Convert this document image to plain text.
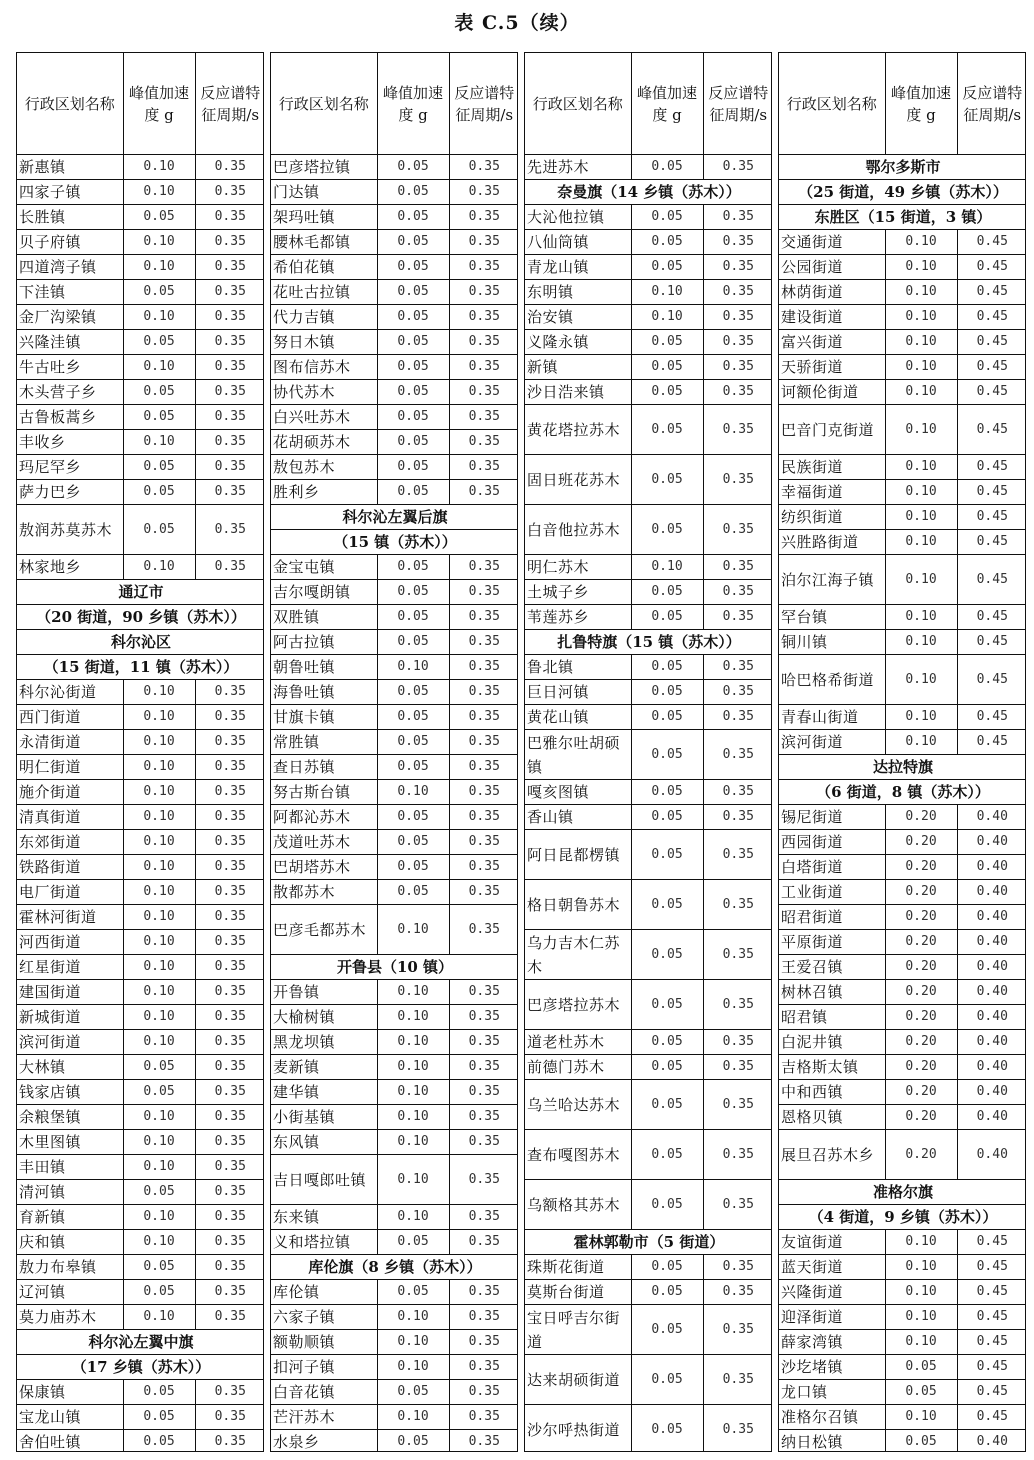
表 C.5（续）
行政区划名称	峰值加速度 g	反应谱特征周期/s
新惠镇	0.10	0.35
四家子镇	0.10	0.35
长胜镇	0.05	0.35
贝子府镇	0.10	0.35
四道湾子镇	0.10	0.35
下洼镇	0.05	0.35
金厂沟梁镇	0.10	0.35
兴隆洼镇	0.05	0.35
牛古吐乡	0.10	0.35
木头营子乡	0.05	0.35
古鲁板蒿乡	0.05	0.35
丰收乡	0.10	0.35
玛尼罕乡	0.05	0.35
萨力巴乡	0.05	0.35
敖润苏莫苏木	0.05	0.35
林家地乡	0.10	0.35
通辽市		
（20 街道，90 乡镇（苏木））		
科尔沁区		
（15 街道，11 镇（苏木））		
科尔沁街道	0.10	0.35
西门街道	0.10	0.35
永清街道	0.10	0.35
明仁街道	0.10	0.35
施介街道	0.10	0.35
清真街道	0.10	0.35
东郊街道	0.10	0.35
铁路街道	0.10	0.35
电厂街道	0.10	0.35
霍林河街道	0.10	0.35
河西街道	0.10	0.35
红星街道	0.10	0.35
建国街道	0.10	0.35
新城街道	0.10	0.35
滨河街道	0.10	0.35
大林镇	0.05	0.35
钱家店镇	0.05	0.35
余粮堡镇	0.10	0.35
木里图镇	0.10	0.35
丰田镇	0.10	0.35
清河镇	0.05	0.35
育新镇	0.10	0.35
庆和镇	0.10	0.35
敖力布皋镇	0.05	0.35
辽河镇	0.05	0.35
莫力庙苏木	0.10	0.35
科尔沁左翼中旗		
（17 乡镇（苏木））		
保康镇	0.05	0.35
宝龙山镇	0.05	0.35
舍伯吐镇	0.05	0.35
行政区划名称	峰值加速度 g	反应谱特征周期/s
巴彦塔拉镇	0.05	0.35
门达镇	0.05	0.35
架玛吐镇	0.05	0.35
腰林毛都镇	0.05	0.35
希伯花镇	0.05	0.35
花吐古拉镇	0.05	0.35
代力吉镇	0.05	0.35
努日木镇	0.05	0.35
图布信苏木	0.05	0.35
协代苏木	0.05	0.35
白兴吐苏木	0.05	0.35
花胡硕苏木	0.05	0.35
敖包苏木	0.05	0.35
胜利乡	0.05	0.35
科尔沁左翼后旗		
（15 镇（苏木））		
金宝屯镇	0.05	0.35
吉尔嘎朗镇	0.05	0.35
双胜镇	0.05	0.35
阿古拉镇	0.05	0.35
朝鲁吐镇	0.10	0.35
海鲁吐镇	0.05	0.35
甘旗卡镇	0.05	0.35
常胜镇	0.05	0.35
查日苏镇	0.05	0.35
努古斯台镇	0.10	0.35
阿都沁苏木	0.05	0.35
茂道吐苏木	0.05	0.35
巴胡塔苏木	0.05	0.35
散都苏木	0.05	0.35
巴彦毛都苏木	0.10	0.35
开鲁县（10 镇）		
开鲁镇	0.10	0.35
大榆树镇	0.10	0.35
黑龙坝镇	0.10	0.35
麦新镇	0.10	0.35
建华镇	0.10	0.35
小街基镇	0.10	0.35
东风镇	0.10	0.35
吉日嘎郎吐镇	0.10	0.35
东来镇	0.10	0.35
义和塔拉镇	0.05	0.35
库伦旗（8 乡镇（苏木））		
库伦镇	0.05	0.35
六家子镇	0.10	0.35
额勒顺镇	0.10	0.35
扣河子镇	0.10	0.35
白音花镇	0.05	0.35
芒汗苏木	0.10	0.35
水泉乡	0.05	0.35
行政区划名称	峰值加速度 g	反应谱特征周期/s
先进苏木	0.05	0.35
奈曼旗（14 乡镇（苏木））		
大沁他拉镇	0.05	0.35
八仙筒镇	0.05	0.35
青龙山镇	0.05	0.35
东明镇	0.10	0.35
治安镇	0.10	0.35
义隆永镇	0.05	0.35
新镇	0.05	0.35
沙日浩来镇	0.05	0.35
黄花塔拉苏木	0.05	0.35
固日班花苏木	0.05	0.35
白音他拉苏木	0.05	0.35
明仁苏木	0.10	0.35
土城子乡	0.05	0.35
苇莲苏乡	0.05	0.35
扎鲁特旗（15 镇（苏木））		
鲁北镇	0.05	0.35
巨日河镇	0.05	0.35
黄花山镇	0.05	0.35
巴雅尔吐胡硕镇	0.05	0.35
嘎亥图镇	0.05	0.35
香山镇	0.05	0.35
阿日昆都楞镇	0.05	0.35
格日朝鲁苏木	0.05	0.35
乌力吉木仁苏木	0.05	0.35
巴彦塔拉苏木	0.05	0.35
道老杜苏木	0.05	0.35
前德门苏木	0.05	0.35
乌兰哈达苏木	0.05	0.35
查布嘎图苏木	0.05	0.35
乌额格其苏木	0.05	0.35
霍林郭勒市（5 街道）		
珠斯花街道	0.05	0.35
莫斯台街道	0.05	0.35
宝日呼吉尔街道	0.05	0.35
达来胡硕街道	0.05	0.35
沙尔呼热街道	0.05	0.35
行政区划名称	峰值加速度 g	反应谱特征周期/s
鄂尔多斯市		
（25 街道，49 乡镇（苏木））		
东胜区（15 街道，3 镇）		
交通街道	0.10	0.45
公园街道	0.10	0.45
林荫街道	0.10	0.45
建设街道	0.10	0.45
富兴街道	0.10	0.45
天骄街道	0.10	0.45
诃额伦街道	0.10	0.45
巴音门克街道	0.10	0.45
民族街道	0.10	0.45
幸福街道	0.10	0.45
纺织街道	0.10	0.45
兴胜路街道	0.10	0.45
泊尔江海子镇	0.10	0.45
罕台镇	0.10	0.45
铜川镇	0.10	0.45
哈巴格希街道	0.10	0.45
青春山街道	0.10	0.45
滨河街道	0.10	0.45
达拉特旗		
（6 街道，8 镇（苏木））		
锡尼街道	0.20	0.40
西园街道	0.20	0.40
白塔街道	0.20	0.40
工业街道	0.20	0.40
昭君街道	0.20	0.40
平原街道	0.20	0.40
王爱召镇	0.20	0.40
树林召镇	0.20	0.40
昭君镇	0.20	0.40
白泥井镇	0.20	0.40
吉格斯太镇	0.20	0.40
中和西镇	0.20	0.40
恩格贝镇	0.20	0.40
展旦召苏木乡	0.20	0.40
准格尔旗		
（4 街道，9 乡镇（苏木））		
友谊街道	0.10	0.45
蓝天街道	0.10	0.45
兴隆街道	0.10	0.45
迎泽街道	0.10	0.45
薛家湾镇	0.10	0.45
沙圪堵镇	0.05	0.45
龙口镇	0.05	0.45
准格尔召镇	0.10	0.45
纳日松镇	0.05	0.40
